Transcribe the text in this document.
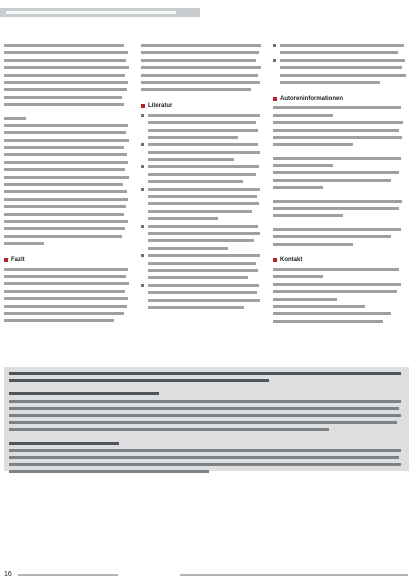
Fazit
Literatur
Autoreninformationen
Kontakt
16
